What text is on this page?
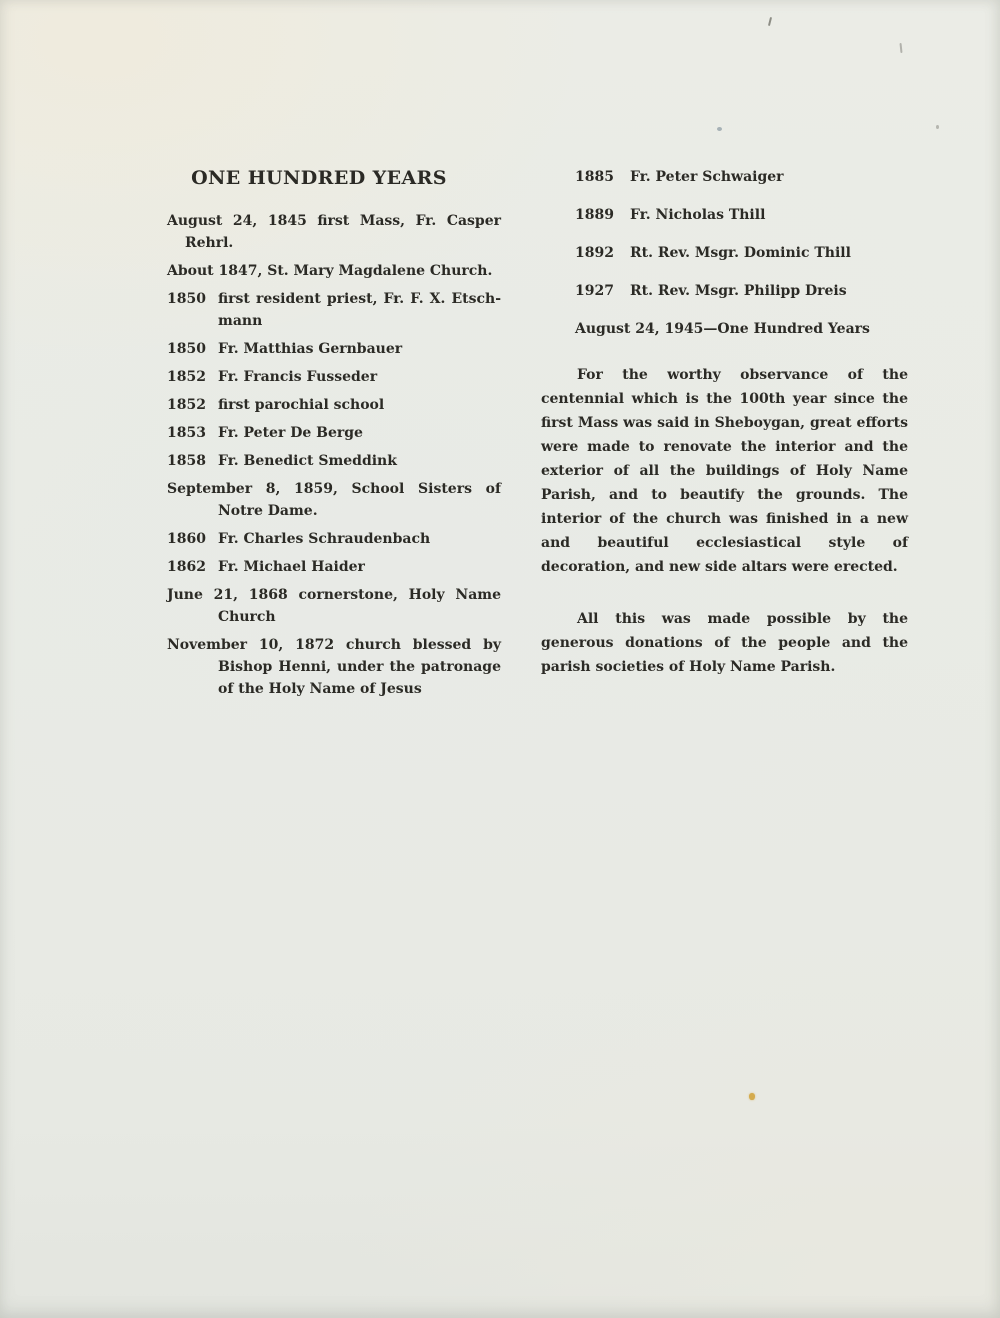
ONE HUNDRED YEARS

August 24, 1845 first Mass, Fr. Casper Rehrl.

About 1847, St. Mary Magdalene Church.

1850 first resident priest, Fr. F. X. Etschmann

1850 Fr. Matthias Gernbauer

1852 Fr. Francis Fusseder

1852 first parochial school

1853 Fr. Peter De Berge

1858 Fr. Benedict Smeddink

September 8, 1859, School Sisters of Notre Dame.

1860 Fr. Charles Schraudenbach

1862 Fr. Michael Haider

June 21, 1868 cornerstone, Holy Name Church

November 10, 1872 church blessed by Bishop Henni, under the patronage of the Holy Name of Jesus

1885 Fr. Peter Schwaiger

1889 Fr. Nicholas Thill

1892 Rt. Rev. Msgr. Dominic Thill

1927 Rt. Rev. Msgr. Philipp Dreis

August 24, 1945—One Hundred Years

For the worthy observance of the centennial which is the 100th year since the first Mass was said in Sheboygan, great efforts were made to renovate the interior and the exterior of all the buildings of Holy Name Parish, and to beautify the grounds. The interior of the church was finished in a new and beautiful ecclesiastical style of decoration, and new side altars were erected.

All this was made possible by the generous donations of the people and the parish societies of Holy Name Parish.
